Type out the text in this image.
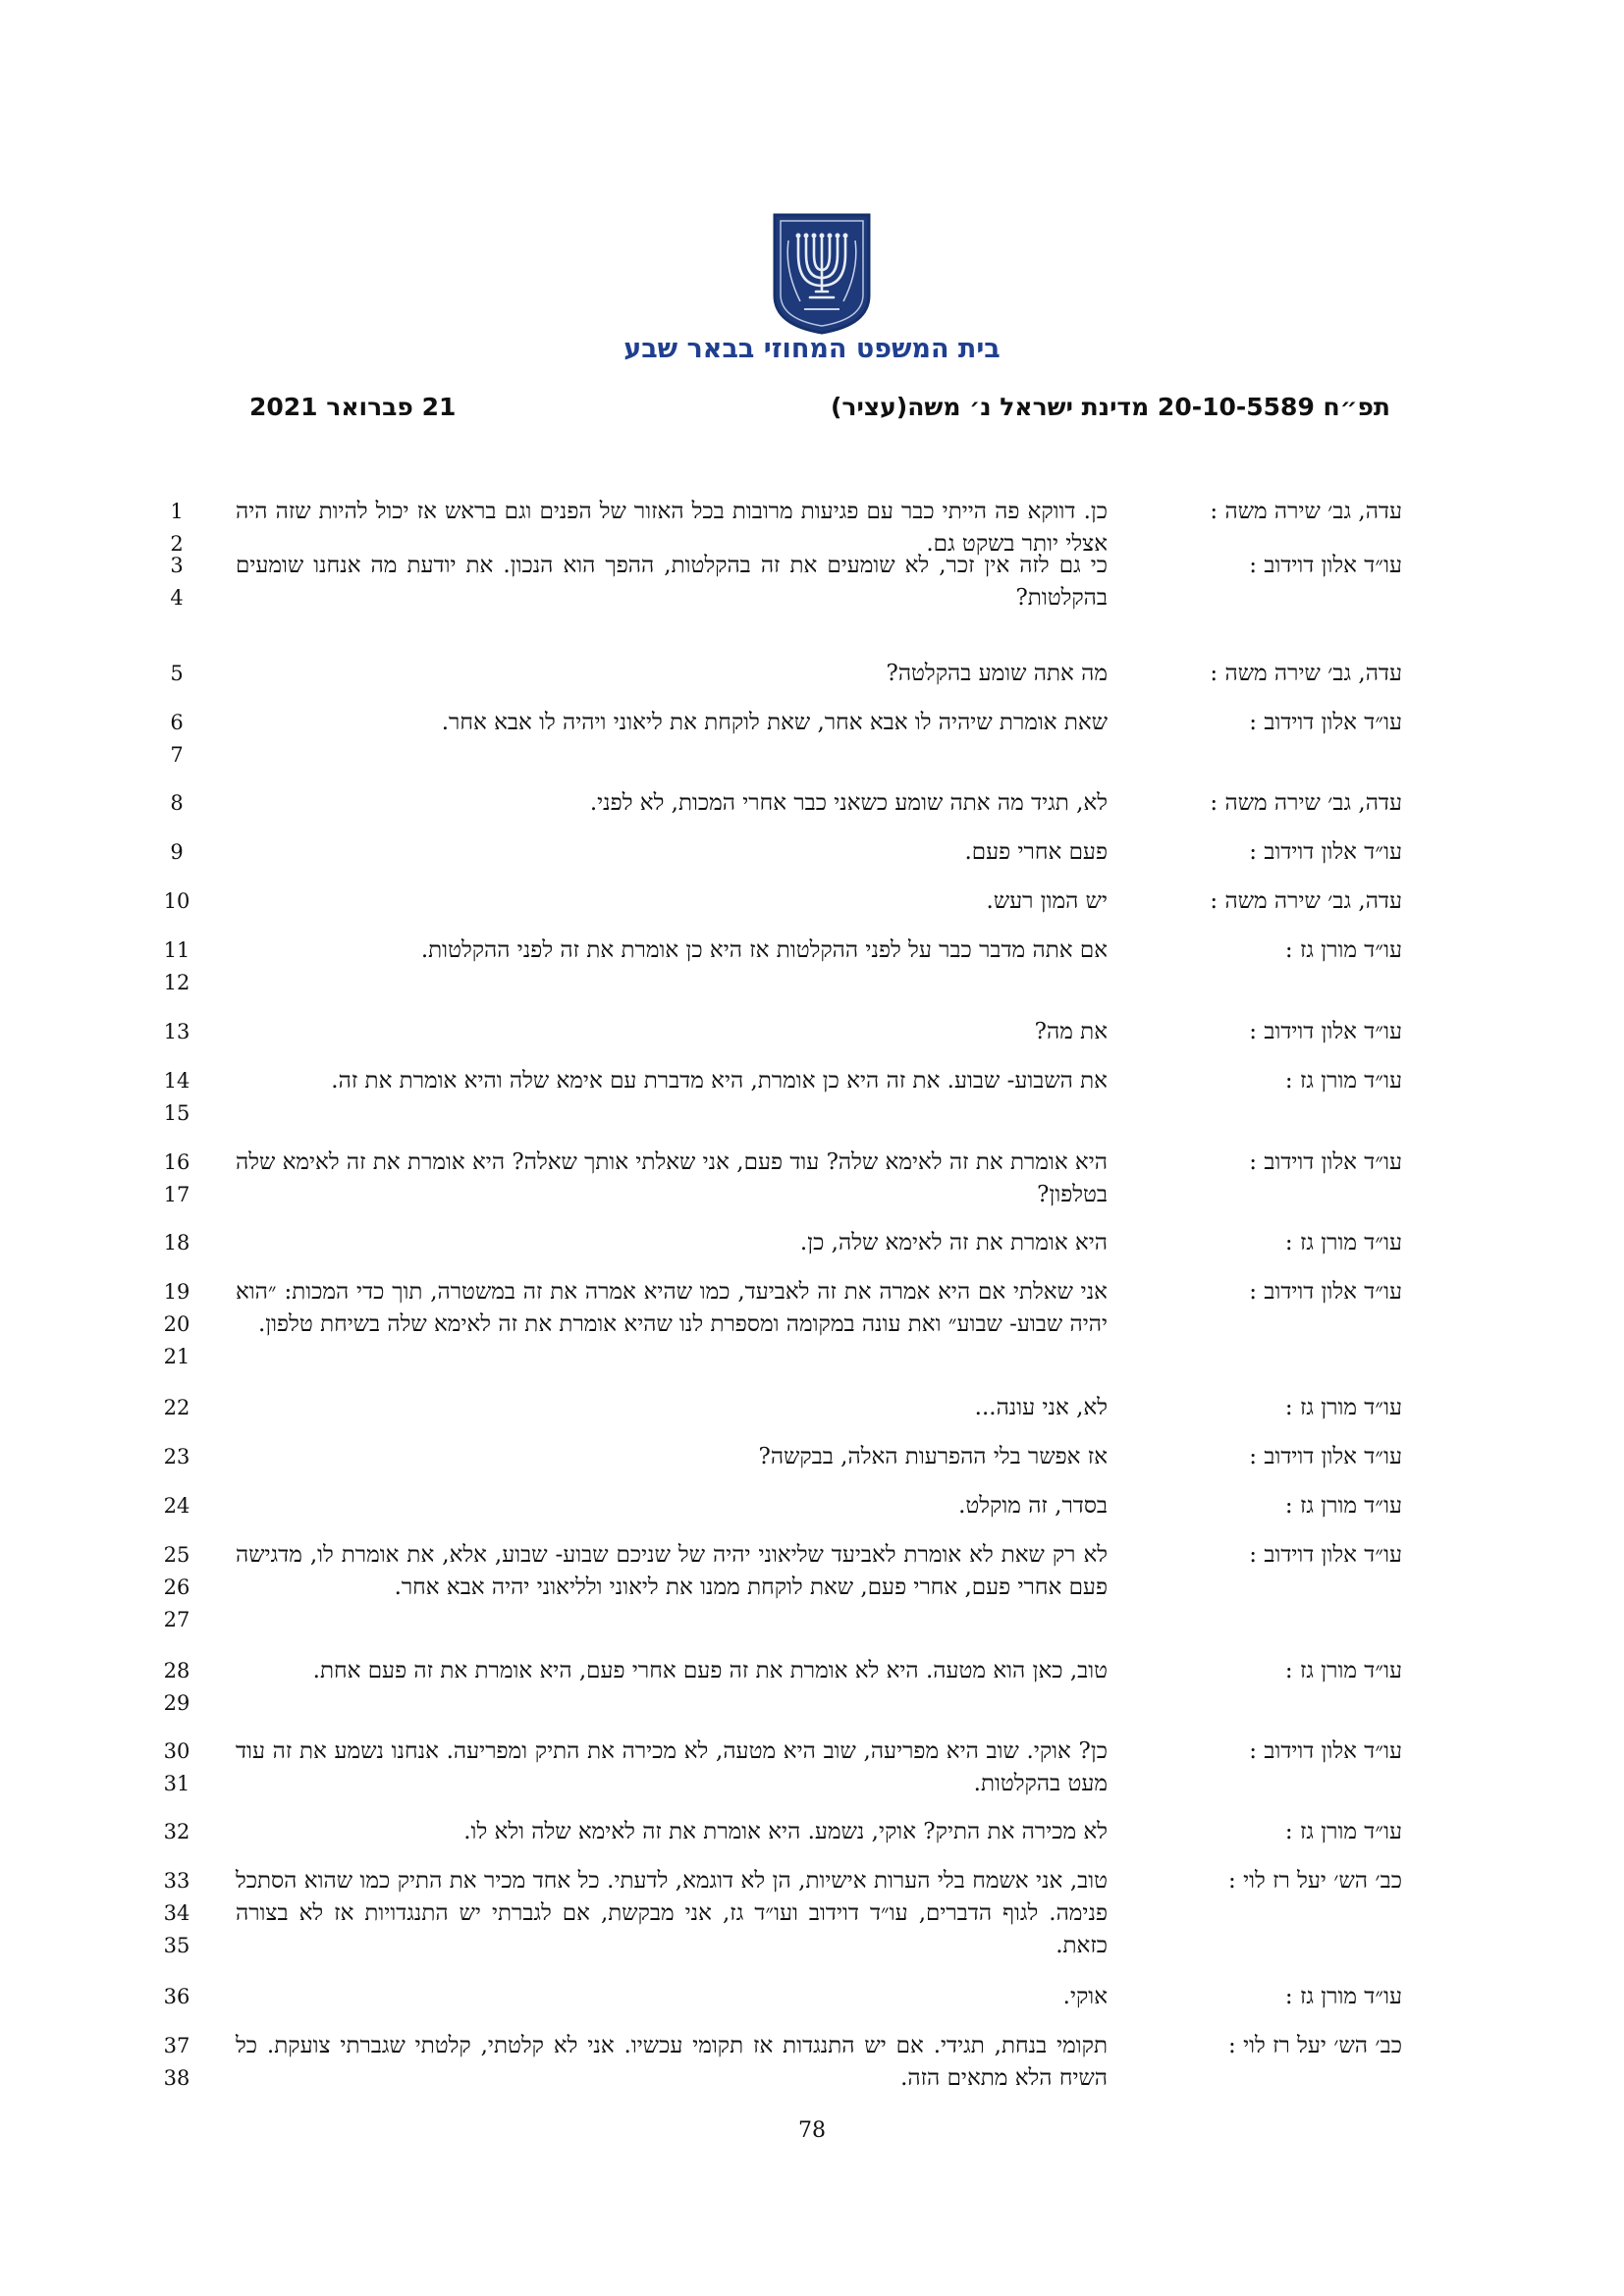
בית המשפט המחוזי בבאר שבע
תפ״ח 20-10-5589 מדינת ישראל נ׳ משה(עציר)
21 פברואר 2021
עדה, גב׳ שירה משה :
כן. דווקא פה הייתי כבר עם פגיעות מרובות בכל האזור של הפנים וגם בראש אז יכול להיות שזה היה אצלי יותר בשקט גם.
1
2
עו״ד אלון דוידוב :
כי גם לזה אין זכר, לא שומעים את זה בהקלטות, ההפך הוא הנכון. את יודעת מה אנחנו שומעים בהקלטות?
3
4
עדה, גב׳ שירה משה :
מה אתה שומע בהקלטה?
5
עו״ד אלון דוידוב :
שאת אומרת שיהיה לו אבא אחר, שאת לוקחת את ליאוני ויהיה לו אבא אחר.
6
7
עדה, גב׳ שירה משה :
לא, תגיד מה אתה שומע כשאני כבר אחרי המכות, לא לפני.
8
עו״ד אלון דוידוב :
פעם אחרי פעם.
9
עדה, גב׳ שירה משה :
יש המון רעש.
10
עו״ד מורן גז :
אם אתה מדבר כבר על לפני ההקלטות אז היא כן אומרת את זה לפני ההקלטות.
11
12
עו״ד אלון דוידוב :
את מה?
13
עו״ד מורן גז :
את השבוע- שבוע. את זה היא כן אומרת, היא מדברת עם אימא שלה והיא אומרת את זה.
14
15
עו״ד אלון דוידוב :
היא אומרת את זה לאימא שלה? עוד פעם, אני שאלתי אותך שאלה? היא אומרת את זה לאימא שלה בטלפון?
16
17
עו״ד מורן גז :
היא אומרת את זה לאימא שלה, כן.
18
עו״ד אלון דוידוב :
אני שאלתי אם היא אמרה את זה לאביעד, כמו שהיא אמרה את זה במשטרה, תוך כדי המכות: ״הוא יהיה שבוע- שבוע״ ואת עונה במקומה ומספרת לנו שהיא אומרת את זה לאימא שלה בשיחת טלפון.
19
20
21
עו״ד מורן גז :
לא, אני עונה...
22
עו״ד אלון דוידוב :
אז אפשר בלי ההפרעות האלה, בבקשה?
23
עו״ד מורן גז :
בסדר, זה מוקלט.
24
עו״ד אלון דוידוב :
לא רק שאת לא אומרת לאביעד שליאוני יהיה של שניכם שבוע- שבוע, אלא, את אומרת לו, מדגישה פעם אחרי פעם, אחרי פעם, שאת לוקחת ממנו את ליאוני ולליאוני יהיה אבא אחר.
25
26
27
עו״ד מורן גז :
טוב, כאן הוא מטעה. היא לא אומרת את זה פעם אחרי פעם, היא אומרת את זה פעם אחת.
28
29
עו״ד אלון דוידוב :
כן? אוקי. שוב היא מפריעה, שוב היא מטעה, לא מכירה את התיק ומפריעה. אנחנו נשמע את זה עוד מעט בהקלטות.
30
31
עו״ד מורן גז :
לא מכירה את התיק? אוקי, נשמע. היא אומרת את זה לאימא שלה ולא לו.
32
כב׳ הש׳ יעל רז לוי :
טוב, אני אשמח בלי הערות אישיות, הן לא דוגמא, לדעתי. כל אחד מכיר את התיק כמו שהוא הסתכל פנימה. לגוף הדברים, עו״ד דוידוב ועו״ד גז, אני מבקשת, אם לגברתי יש התנגדויות אז לא בצורה כזאת.
33
34
35
עו״ד מורן גז :
אוקי.
36
כב׳ הש׳ יעל רז לוי :
תקומי בנחת, תגידי. אם יש התנגדות אז תקומי עכשיו. אני לא קלטתי, קלטתי שגברתי צועקת. כל השיח הלא מתאים הזה.
37
38
78
